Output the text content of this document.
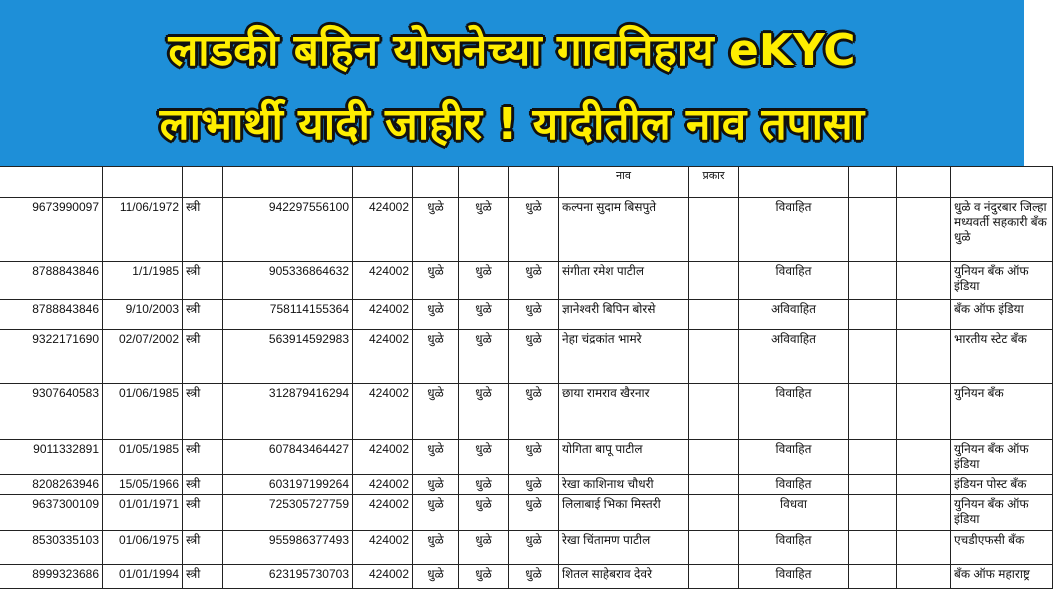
लाडकी बहिन योजनेच्या गावनिहाय eKYC
लाभार्थी यादी जाहीर ! यादीतील नाव तपासा
								नाव	प्रकार				
9673990097	11/06/1972	स्त्री	942297556100	424002	धुळे	धुळे	धुळे	कल्पना सुदाम बिसपुते		विवाहित			धुळे व नंदुरबार जिल्हा मध्यवर्ती सहकारी बँक धुळे
8788843846	1/1/1985	स्त्री	905336864632	424002	धुळे	धुळे	धुळे	संगीता रमेश पाटील		विवाहित			युनियन बँक ऑफ इंडिया
8788843846	9/10/2003	स्त्री	758114155364	424002	धुळे	धुळे	धुळे	ज्ञानेश्वरी बिपिन बोरसे		अविवाहित			बँक ऑफ इंडिया
9322171690	02/07/2002	स्त्री	563914592983	424002	धुळे	धुळे	धुळे	नेहा चंद्रकांत भामरे		अविवाहित			भारतीय स्टेट बँक
9307640583	01/06/1985	स्त्री	312879416294	424002	धुळे	धुळे	धुळे	छाया रामराव खैरनार		विवाहित			युनियन बँक
9011332891	01/05/1985	स्त्री	607843464427	424002	धुळे	धुळे	धुळे	योगिता बापू पाटील		विवाहित			युनियन बँक ऑफ इंडिया
8208263946	15/05/1966	स्त्री	603197199264	424002	धुळे	धुळे	धुळे	रेखा काशिनाथ चौधरी		विवाहित			इंडियन पोस्ट बँक
9637300109	01/01/1971	स्त्री	725305727759	424002	धुळे	धुळे	धुळे	लिलाबाई भिका मिस्तरी		विधवा			युनियन बँक ऑफ इंडिया
8530335103	01/06/1975	स्त्री	955986377493	424002	धुळे	धुळे	धुळे	रेखा चिंतामण पाटील		विवाहित			एचडीएफसी बँक
8999323686	01/01/1994	स्त्री	623195730703	424002	धुळे	धुळे	धुळे	शितल साहेबराव देवरे		विवाहित			बँक ऑफ महाराष्ट्र
